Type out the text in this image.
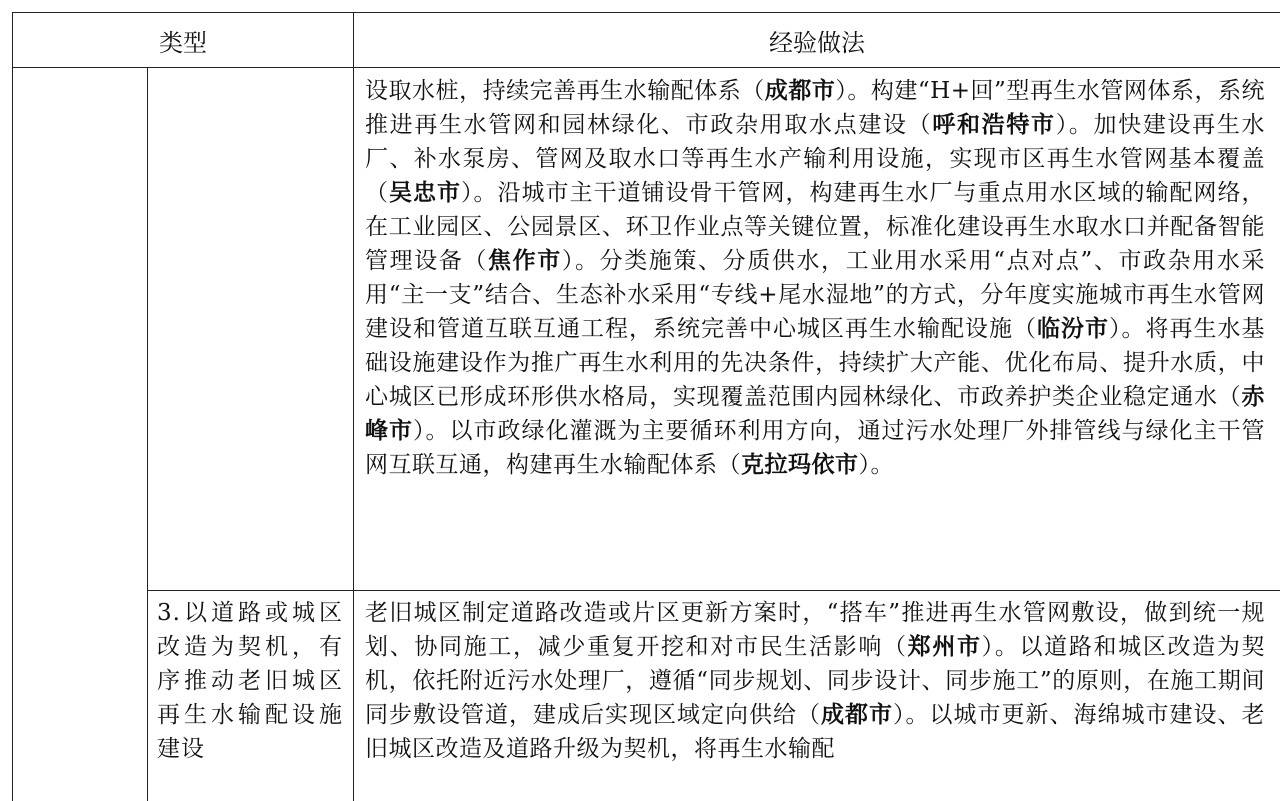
类型	经验做法
设取水桩，持续完善再生水输配体系（成都市）。构建“H+回”型再生水管网体系，系统推进再生水管网和园林绿化、市政杂用取水点建设（呼和浩特市）。加快建设再生水厂、补水泵房、管网及取水口等再生水产输利用设施，实现市区再生水管网基本覆盖（吴忠市）。沿城市主干道铺设骨干管网，构建再生水厂与重点用水区域的输配网络，在工业园区、公园景区、环卫作业点等关键位置，标准化建设再生水取水口并配备智能管理设备（焦作市）。分类施策、分质供水，工业用水采用“点对点”、市政杂用水采用“主一支”结合、生态补水采用“专线+尾水湿地”的方式，分年度实施城市再生水管网建设和管道互联互通工程，系统完善中心城区再生水输配设施（临汾市）。将再生水基础设施建设作为推广再生水利用的先决条件，持续扩大产能、优化布局、提升水质，中心城区已形成环形供水格局，实现覆盖范围内园林绿化、市政养护类企业稳定通水（赤峰市）。以市政绿化灌溉为主要循环利用方向，通过污水处理厂外排管线与绿化主干管网互联互通，构建再生水输配体系（克拉玛依市）。
3.以道路或城区改造为契机，有序推动老旧城区再生水输配设施建设
老旧城区制定道路改造或片区更新方案时，“搭车”推进再生水管网敷设，做到统一规划、协同施工，减少重复开挖和对市民生活影响（郑州市）。以道路和城区改造为契机，依托附近污水处理厂，遵循“同步规划、同步设计、同步施工”的原则，在施工期间同步敷设管道，建成后实现区域定向供给（成都市）。以城市更新、海绵城市建设、老旧城区改造及道路升级为契机，将再生水输配
